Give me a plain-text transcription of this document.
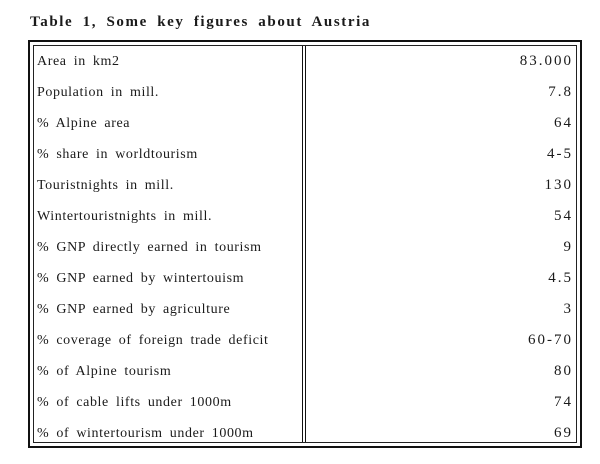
Table 1, Some key figures about Austria
Area in km2	83.000
Population in mill.	7.8
% Alpine area	64
% share in worldtourism	4-5
Touristnights in mill.	130
Wintertouristnights in mill.	54
% GNP directly earned in tourism	9
% GNP earned by wintertouism	4.5
% GNP earned by agriculture	3
% coverage of foreign trade deficit	60-70
% of Alpine tourism	80
% of cable lifts under 1000m	74
% of wintertourism under 1000m	69
